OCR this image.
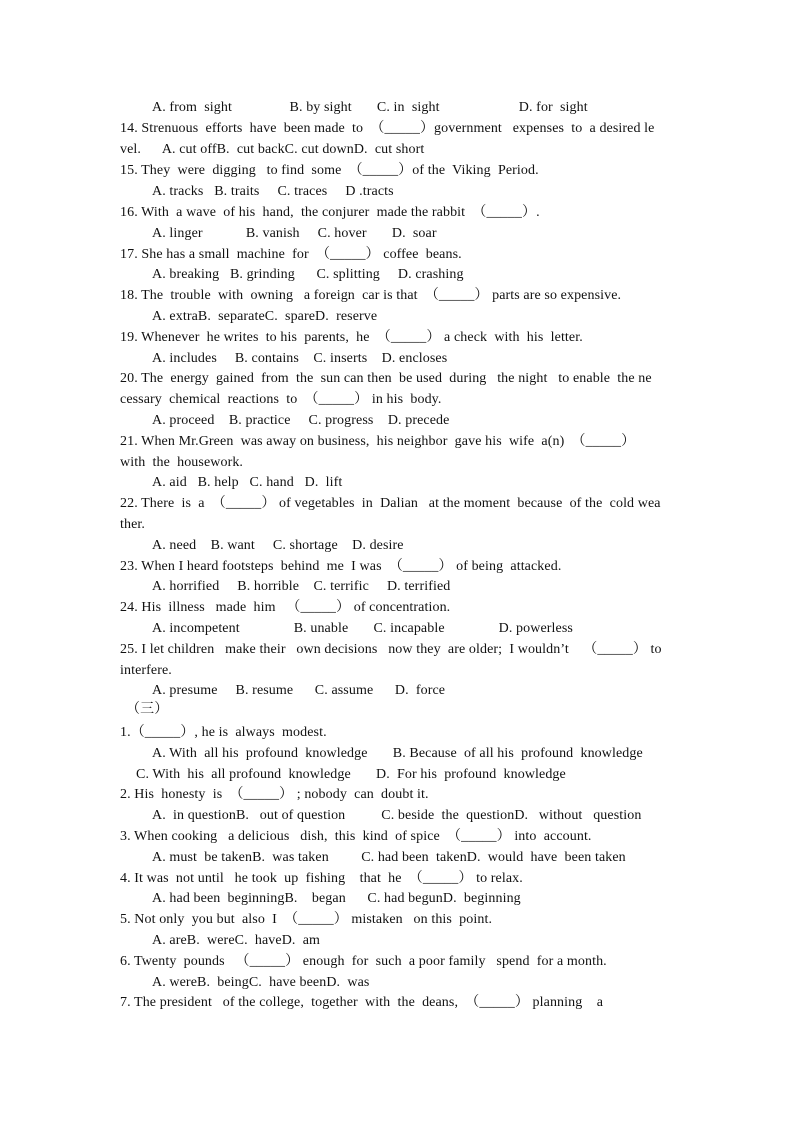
A. from  sight                B. by sight       C. in  sight                      D. for  sight
14. Strenuous  efforts  have  been made  to  （_____）government   expenses  to  a desired le
vel.      A. cut offB.  cut backC. cut downD.  cut short
15. They  were  digging   to find  some  （_____）of the  Viking  Period.
A. tracks   B. traits     C. traces     D .tracts
16. With  a wave  of his  hand,  the conjurer  made the rabbit  （_____）.
A. linger            B. vanish     C. hover       D.  soar
17. She has a small  machine  for  （_____） coffee  beans.
A. breaking   B. grinding      C. splitting     D. crashing
18. The  trouble  with  owning   a foreign  car is that  （_____） parts are so expensive.
A. extraB.  separateC.  spareD.  reserve
19. Whenever  he writes  to his  parents,  he  （_____） a check  with  his  letter.
A. includes     B. contains    C. inserts    D. encloses
20. The  energy  gained  from  the  sun can then  be used  during   the night   to enable  the ne
cessary  chemical  reactions  to  （_____） in his  body.
A. proceed    B. practice     C. progress    D. precede
21. When Mr.Green  was away on business,  his neighbor  gave his  wife  a(n)  （_____）
with  the  housework.
A. aid   B. help   C. hand   D.  lift
22. There  is  a  （_____） of vegetables  in  Dalian   at the moment  because  of the  cold wea
ther.
A. need    B. want     C. shortage    D. desire
23. When I heard footsteps  behind  me  I was  （_____） of being  attacked.
A. horrified     B. horrible    C. terrific     D. terrified
24. His  illness   made  him   （_____） of concentration.
A. incompetent               B. unable       C. incapable               D. powerless
25. I let children   make their   own decisions   now they  are older;  I wouldn’t    （_____） to
interfere.
A. presume     B. resume      C. assume      D.  force
（三）
1.（_____）, he is  always  modest.
A. With  all his  profound  knowledge       B. Because  of all his  profound  knowledge
C. With  his  all profound  knowledge       D.  For his  profound  knowledge
2. His  honesty  is  （_____） ; nobody  can  doubt it.
A.  in questionB.   out of question          C. beside  the  questionD.   without   question
3. When cooking   a delicious   dish,  this  kind  of spice  （_____） into  account.
A. must  be takenB.  was taken         C. had been  takenD.  would  have  been taken
4. It was  not until   he took  up  fishing    that  he  （_____） to relax.
A. had been  beginningB.    began      C. had begunD.  beginning
5. Not only  you but  also  I  （_____） mistaken   on this  point.
A. areB.  wereC.  haveD.  am
6. Twenty  pounds   （_____） enough  for  such  a poor family   spend  for a month.
A. wereB.  beingC.  have beenD.  was
7. The president   of the college,  together  with  the  deans,  （_____） planning    a
